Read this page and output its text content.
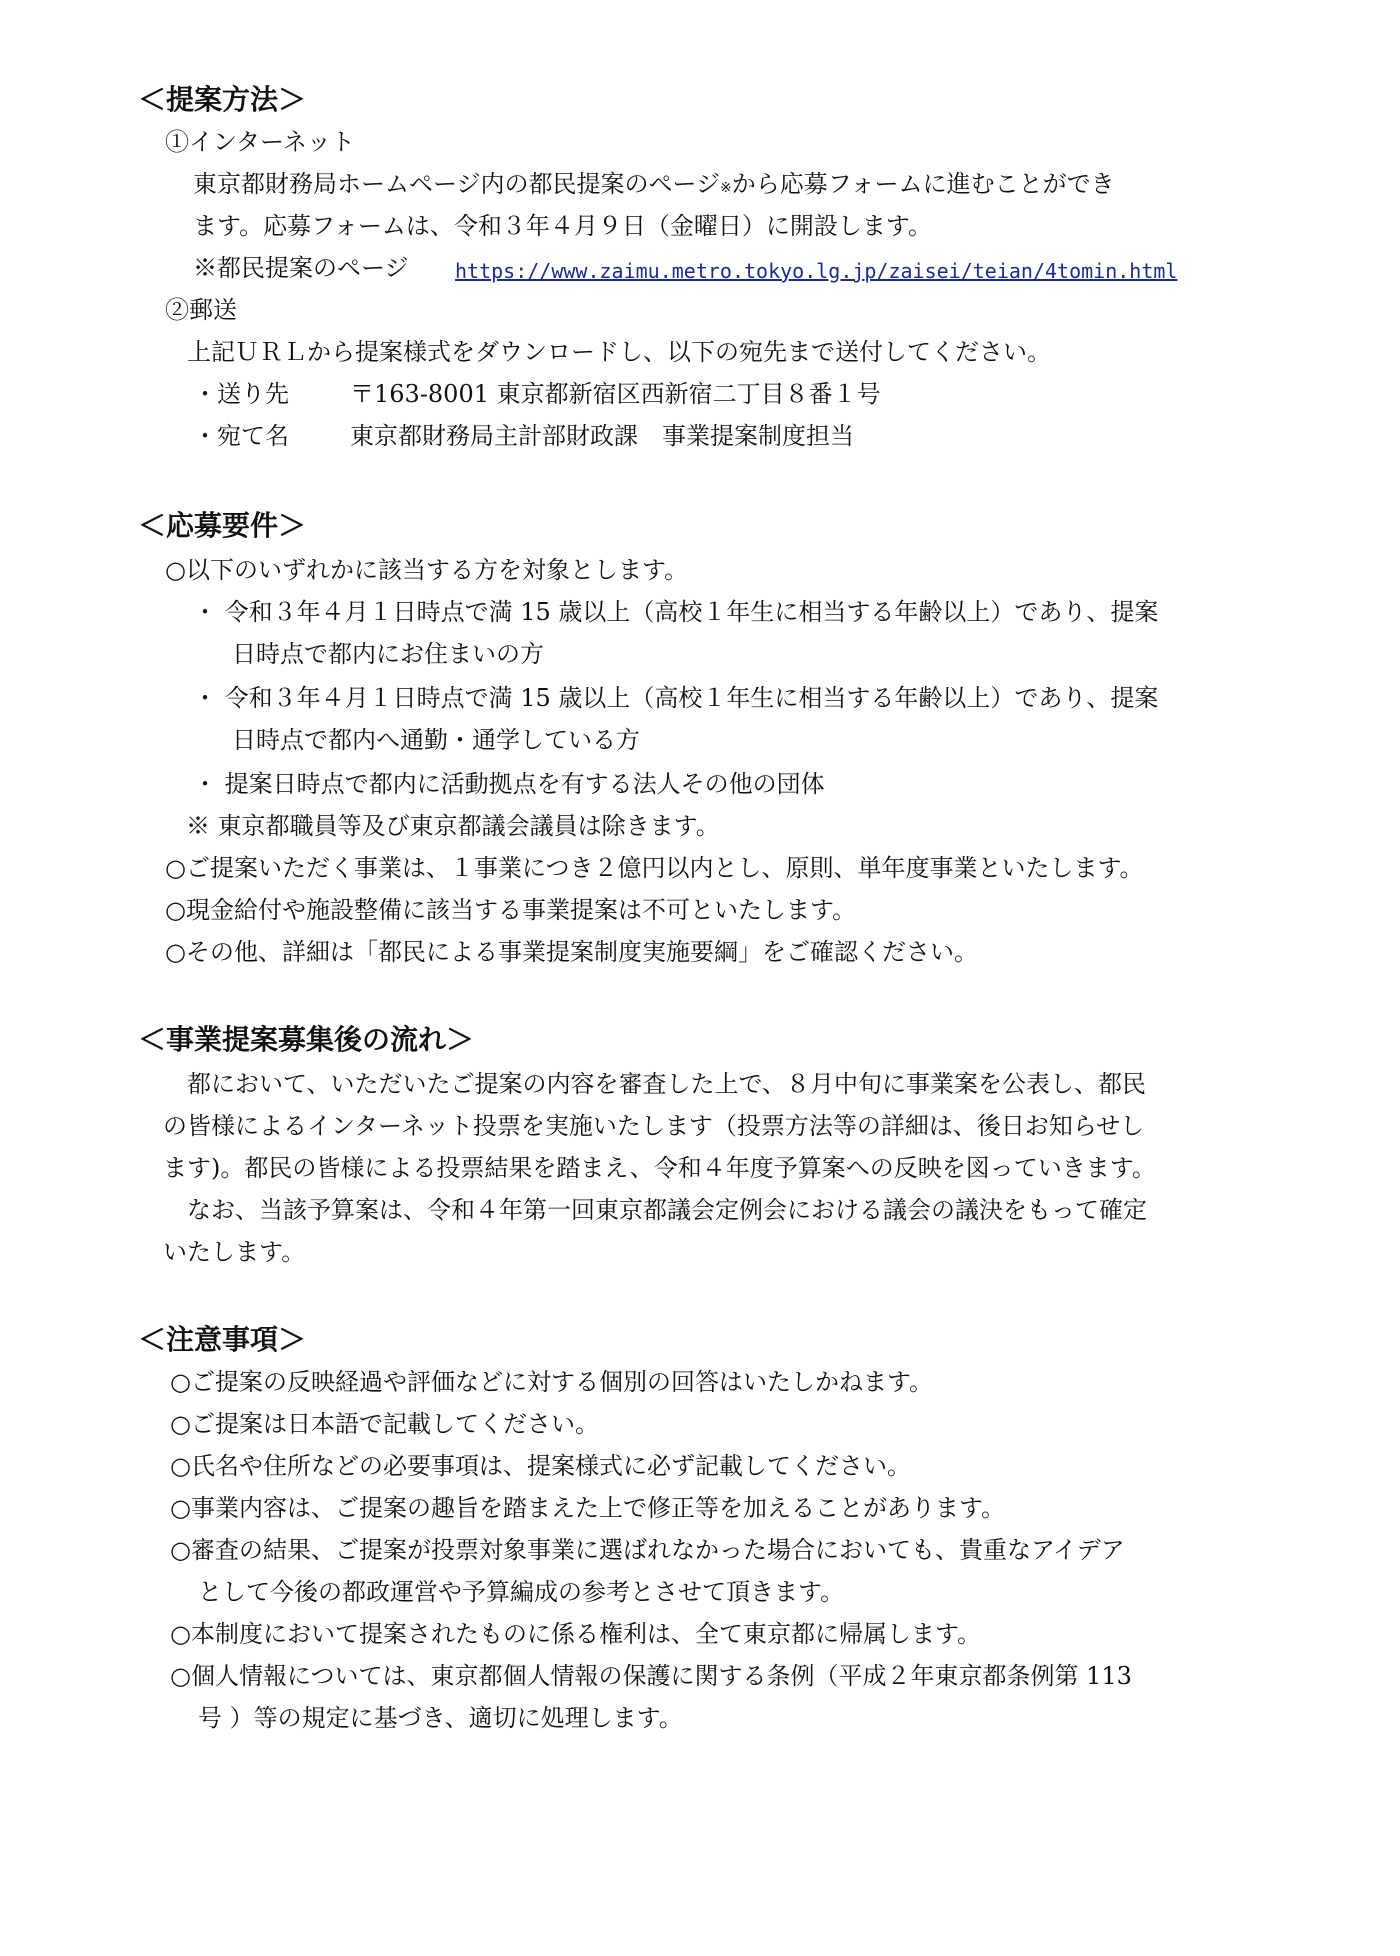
＜提案方法＞
①インターネット
東京都財務局ホームページ内の都民提案のページ※から応募フォームに進むことができ
ます。応募フォームは、令和３年４月９日（金曜日）に開設します。
※都民提案のページ https://www.zaimu.metro.tokyo.lg.jp/zaisei/teian/4tomin.html
②郵送
上記ＵＲＬから提案様式をダウンロードし、以下の宛先まで送付してください。
・送り先	〒163-8001 東京都新宿区西新宿二丁目８番１号
・宛て名	東京都財務局主計部財政課　事業提案制度担当
＜応募要件＞
○以下のいずれかに該当する方を対象とします。
・ 令和３年４月１日時点で満 15 歳以上（高校１年生に相当する年齢以上）であり、提案
日時点で都内にお住まいの方
・ 令和３年４月１日時点で満 15 歳以上（高校１年生に相当する年齢以上）であり、提案
日時点で都内へ通勤・通学している方
・ 提案日時点で都内に活動拠点を有する法人その他の団体
※ 東京都職員等及び東京都議会議員は除きます。
○ご提案いただく事業は、１事業につき２億円以内とし、原則、単年度事業といたします。
○現金給付や施設整備に該当する事業提案は不可といたします。
○その他、詳細は「都民による事業提案制度実施要綱」をご確認ください。
＜事業提案募集後の流れ＞
都において、いただいたご提案の内容を審査した上で、８月中旬に事業案を公表し、都民
の皆様によるインターネット投票を実施いたします（投票方法等の詳細は、後日お知らせし
ます)。都民の皆様による投票結果を踏まえ、令和４年度予算案への反映を図っていきます。
なお、当該予算案は、令和４年第一回東京都議会定例会における議会の議決をもって確定
いたします。
＜注意事項＞
○ご提案の反映経過や評価などに対する個別の回答はいたしかねます。
○ご提案は日本語で記載してください。
○氏名や住所などの必要事項は、提案様式に必ず記載してください。
○事業内容は、ご提案の趣旨を踏まえた上で修正等を加えることがあります。
○審査の結果、ご提案が投票対象事業に選ばれなかった場合においても、貴重なアイデア
として今後の都政運営や予算編成の参考とさせて頂きます。
○本制度において提案されたものに係る権利は、全て東京都に帰属します。
○個人情報については、東京都個人情報の保護に関する条例（平成２年東京都条例第 113
号 ）等の規定に基づき、適切に処理します。
